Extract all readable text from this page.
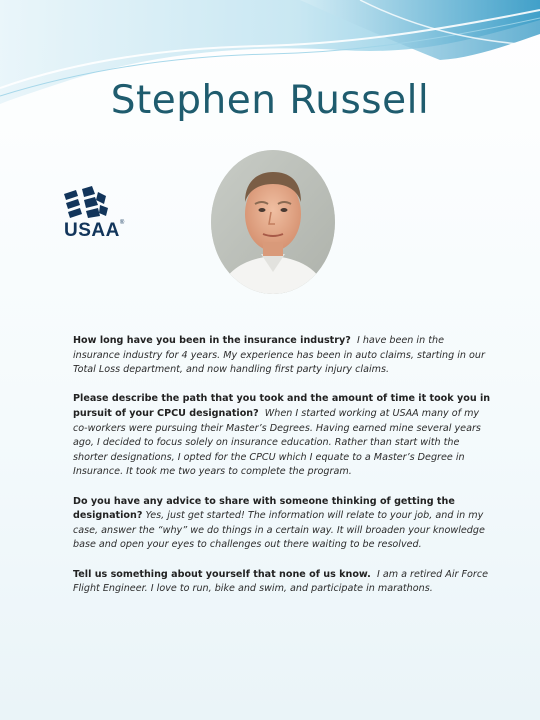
Stephen Russell
USAA®

How long have you been in the insurance industry? I have been in the insurance industry for 4 years. My experience has been in auto claims, starting in our Total Loss department, and now handling first party injury claims.

Please describe the path that you took and the amount of time it took you in pursuit of your CPCU designation? When I started working at USAA many of my co-workers were pursuing their Master’s Degrees. Having earned mine several years ago, I decided to focus solely on insurance education. Rather than start with the shorter designations, I opted for the CPCU which I equate to a Master’s Degree in Insurance. It took me two years to complete the program.

Do you have any advice to share with someone thinking of getting the designation? Yes, just get started! The information will relate to your job, and in my case, answer the “why” we do things in a certain way. It will broaden your knowledge base and open your eyes to challenges out there waiting to be resolved.

Tell us something about yourself that none of us know. I am a retired Air Force Flight Engineer. I love to run, bike and swim, and participate in marathons.
